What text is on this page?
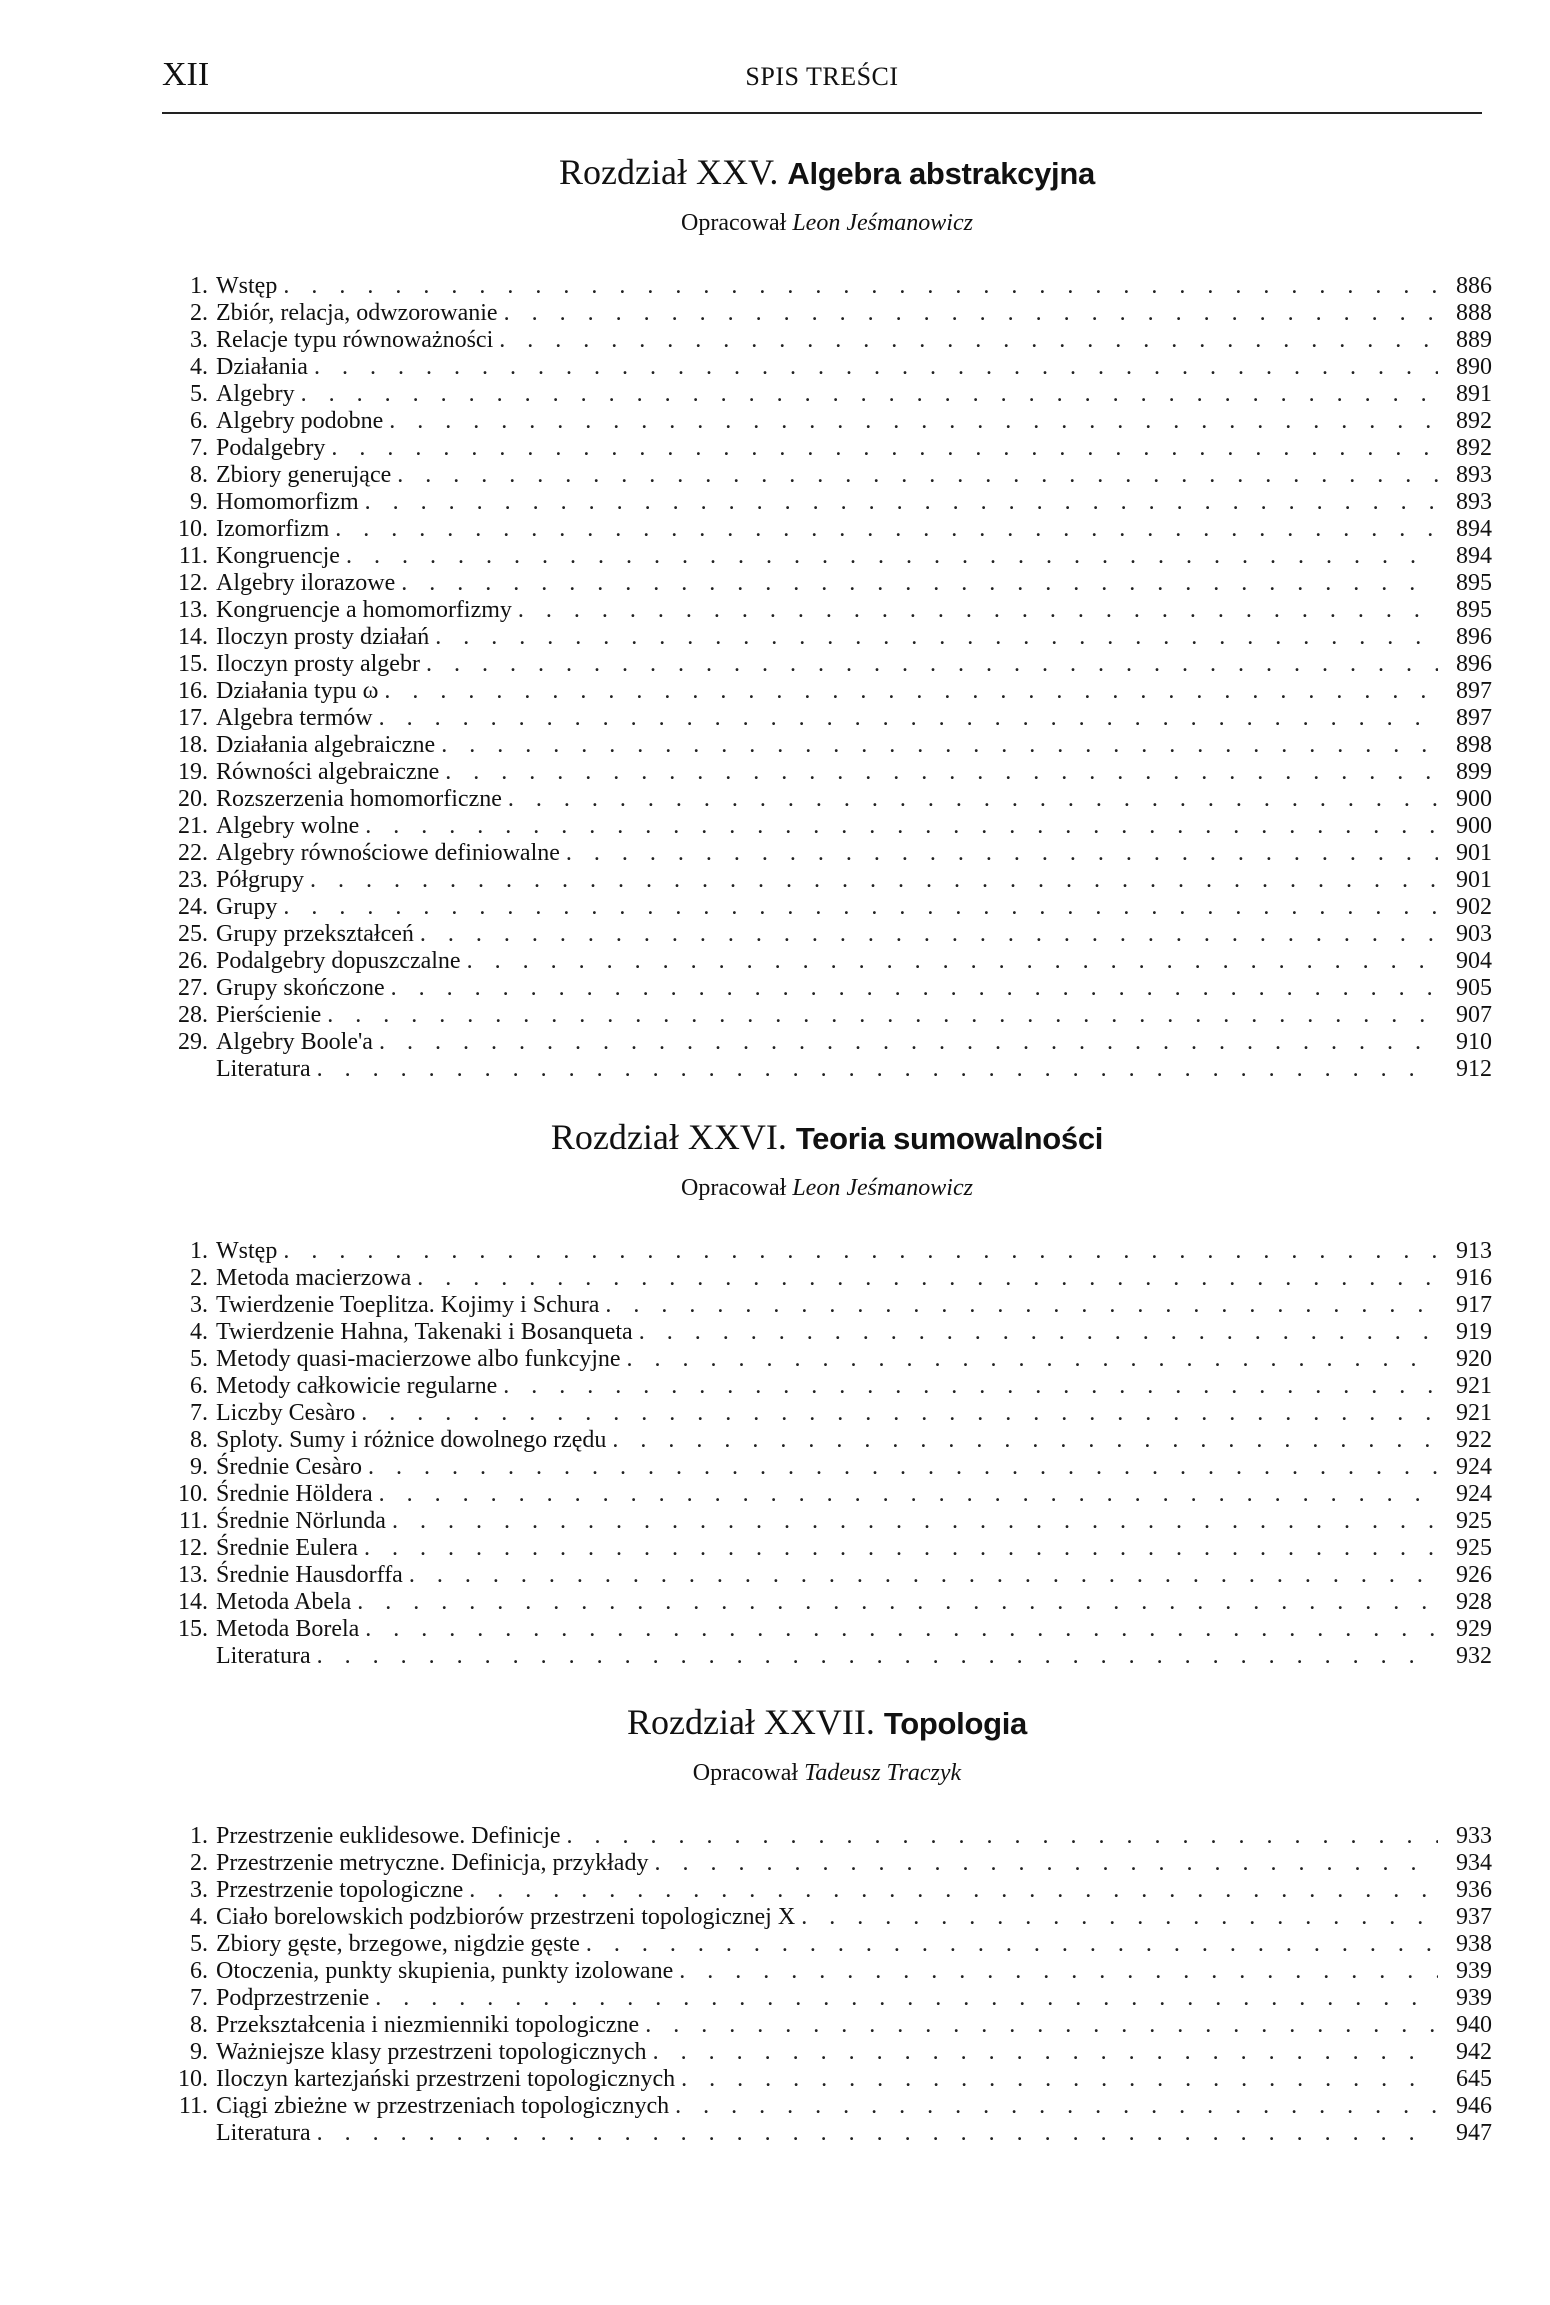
XII	SPIS TREŚCI
Rozdział XXV. Algebra abstrakcyjna
Opracował Leon Jeśmanowicz
1. Wstęp . . .	886
2. Zbiór, relacja, odwzorowanie . . .	888
3. Relacje typu równoważności . . .	889
4. Działania . . .	890
5. Algebry . . .	891
6. Algebry podobne . . .	892
7. Podalgebry . . .	892
8. Zbiory generujące . . .	893
9. Homomorfizm . . .	893
10. Izomorfizm . . .	894
11. Kongruencje . . .	894
12. Algebry ilorazowe . . .	895
13. Kongruencje a homomorfizmy . . .	895
14. Iloczyn prosty działań . . .	896
15. Iloczyn prosty algebr . . .	896
16. Działania typu ω . . .	897
17. Algebra termów . . .	897
18. Działania algebraiczne . . .	898
19. Równości algebraiczne . . .	899
20. Rozszerzenia homomorficzne . . .	900
21. Algebry wolne . . .	900
22. Algebry równościowe definiowalne . . .	901
23. Półgrupy . . .	901
24. Grupy . . .	902
25. Grupy przekształceń . . .	903
26. Podalgebry dopuszczalne . . .	904
27. Grupy skończone . . .	905
28. Pierścienie . . .	907
29. Algebry Boole'a . . .	910
Literatura . . .	912
Rozdział XXVI. Teoria sumowalności
Opracował Leon Jeśmanowicz
1. Wstęp . . .	913
2. Metoda macierzowa . . .	916
3. Twierdzenie Toeplitza. Kojimy i Schura . . .	917
4. Twierdzenie Hahna, Takenaki i Bosanqueta . . .	919
5. Metody quasi-macierzowe albo funkcyjne . . .	920
6. Metody całkowicie regularne . . .	921
7. Liczby Cesàro . . .	921
8. Sploty. Sumy i różnice dowolnego rzędu . . .	922
9. Średnie Cesàro . . .	924
10. Średnie Höldera . . .	924
11. Średnie Nörlunda . . .	925
12. Średnie Eulera . . .	925
13. Średnie Hausdorffa . . .	926
14. Metoda Abela . . .	928
15. Metoda Borela . . .	929
Literatura . . .	932
Rozdział XXVII. Topologia
Opracował Tadeusz Traczyk
1. Przestrzenie euklidesowe. Definicje . . .	933
2. Przestrzenie metryczne. Definicja, przykłady . . .	934
3. Przestrzenie topologiczne . . .	936
4. Ciało borelowskich podzbiorów przestrzeni topologicznej X . . .	937
5. Zbiory gęste, brzegowe, nigdzie gęste . . .	938
6. Otoczenia, punkty skupienia, punkty izolowane . . .	939
7. Podprzestrzenie . . .	939
8. Przekształcenia i niezmienniki topologiczne . . .	940
9. Ważniejsze klasy przestrzeni topologicznych . . .	942
10. Iloczyn kartezjański przestrzeni topologicznych . . .	645
11. Ciągi zbieżne w przestrzeniach topologicznych . . .	946
Literatura . . .	947
